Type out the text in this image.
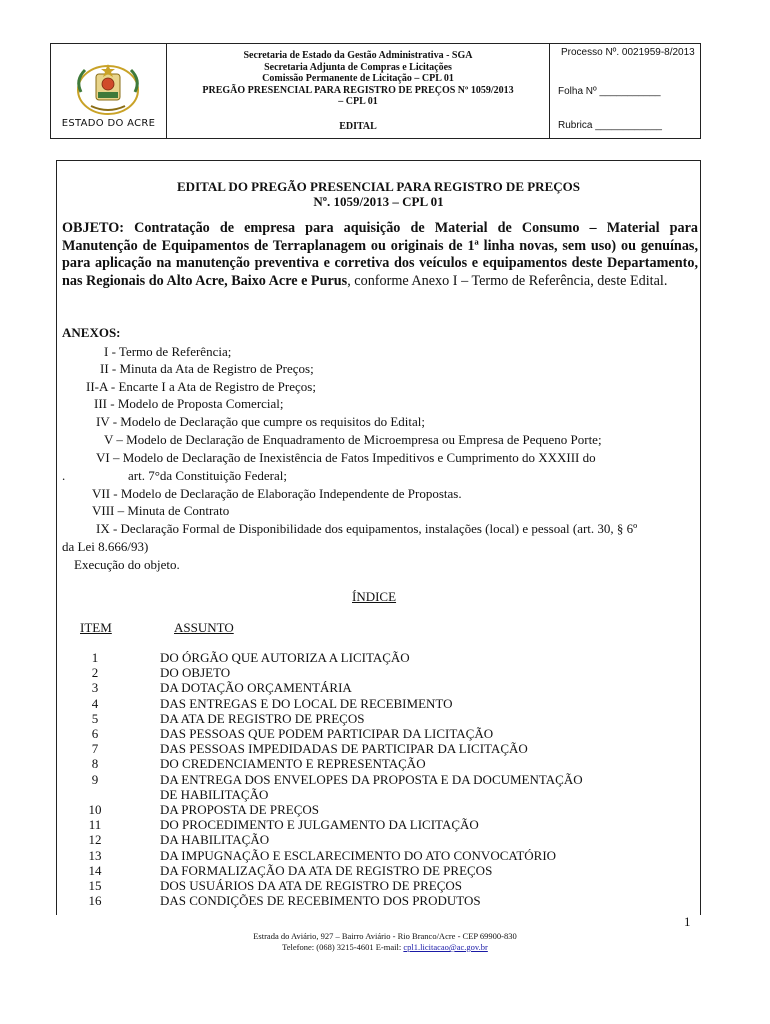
ESTADO DO ACRE
Secretaria de Estado da Gestão Administrativa - SGA
Secretaria Adjunta de Compras e Licitações
Comissão Permanente de Licitação – CPL 01
PREGÃO PRESENCIAL PARA REGISTRO DE PREÇOS Nº 1059/2013
– CPL 01
EDITAL
Processo Nº. 0021959-8/2013
Folha Nº ___________
Rubrica ____________
EDITAL DO PREGÃO PRESENCIAL PARA REGISTRO DE PREÇOS
Nº. 1059/2013 – CPL 01
OBJETO: Contratação de empresa para aquisição de Material de Consumo – Material para Manutenção de Equipamentos de Terraplanagem ou originais de 1ª linha novas, sem uso) ou genuínas, para aplicação na manutenção preventiva e corretiva dos veículos e equipamentos deste Departamento, nas Regionais do Alto Acre, Baixo Acre e Purus, conforme Anexo I – Termo de Referência, deste Edital.
ANEXOS:
I - Termo de Referência;
II - Minuta da Ata de Registro de Preços;
II-A - Encarte I a Ata de Registro de Preços;
III - Modelo de Proposta Comercial;
IV - Modelo de Declaração que cumpre os requisitos do Edital;
V – Modelo de Declaração de Enquadramento de Microempresa ou Empresa de Pequeno Porte;
VI – Modelo de Declaração de Inexistência de Fatos Impeditivos e Cumprimento do XXXIII do
.	art. 7°da Constituição Federal;
VII - Modelo de Declaração de Elaboração Independente de Propostas.
VIII – Minuta de Contrato
IX - Declaração Formal de Disponibilidade dos equipamentos, instalações (local) e pessoal (art. 30, § 6º
da Lei 8.666/93)
Execução do objeto.
ÍNDICE
ITEM	ASSUNTO
1	DO ÓRGÃO QUE AUTORIZA A LICITAÇÃO
2	DO OBJETO
3	DA DOTAÇÃO ORÇAMENTÁRIA
4	DAS ENTREGAS E DO LOCAL DE RECEBIMENTO
5	DA ATA DE REGISTRO DE PREÇOS
6	DAS PESSOAS QUE PODEM PARTICIPAR DA LICITAÇÃO
7	DAS PESSOAS IMPEDIDADAS DE PARTICIPAR DA LICITAÇÃO
8	DO CREDENCIAMENTO E REPRESENTAÇÃO
9	DA ENTREGA DOS ENVELOPES DA PROPOSTA E DA DOCUMENTAÇÃO
DE HABILITAÇÃO
10	DA PROPOSTA DE PREÇOS
11	DO PROCEDIMENTO E JULGAMENTO DA LICITAÇÃO
12	DA HABILITAÇÃO
13	DA IMPUGNAÇÃO E ESCLARECIMENTO DO ATO CONVOCATÓRIO
14	DA FORMALIZAÇÃO DA ATA DE REGISTRO DE PREÇOS
15	DOS USUÁRIOS DA ATA DE REGISTRO DE PREÇOS
16	DAS CONDIÇÕES DE RECEBIMENTO DOS PRODUTOS
1
Estrada do Aviário, 927 – Bairro Aviário - Rio Branco/Acre - CEP 69900-830
Telefone: (068) 3215-4601 E-mail: cpl1.licitacao@ac.gov.br
